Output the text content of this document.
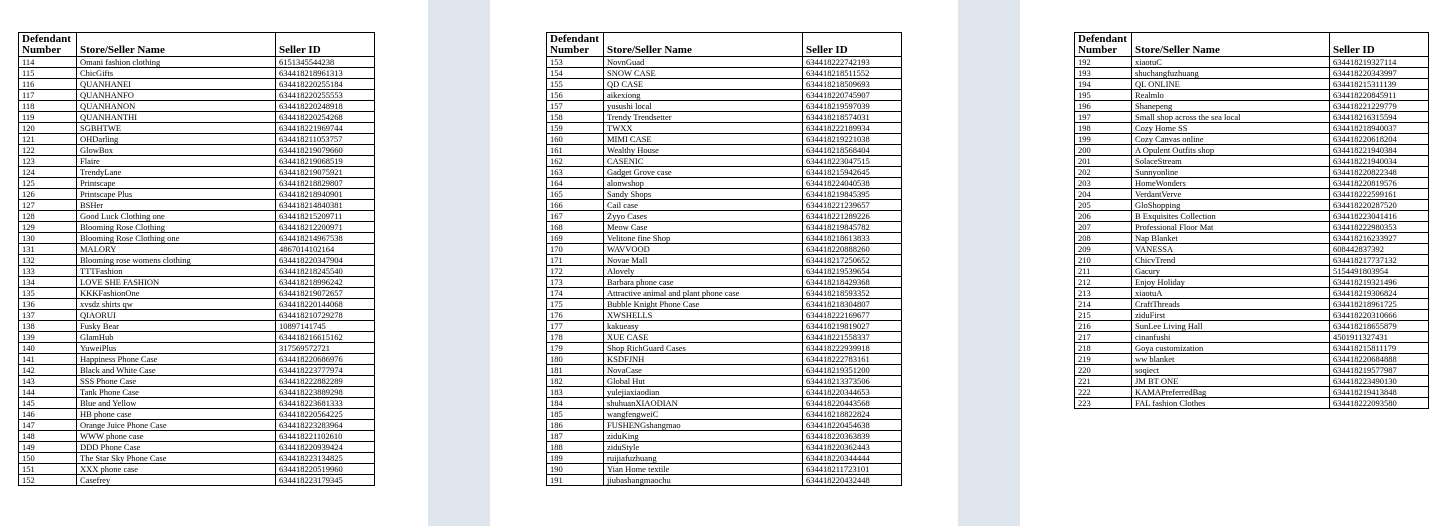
Defendant Number	Store/Seller Name	Seller ID
114	Omani fashion clothing	6151345544238
115	ChicGifts	634418218961313
116	QUANHANEI	634418220255184
117	QUANHANFO	634418220255553
118	QUANHANON	634418220248918
119	QUANHANTHI	634418220254268
120	SGBHTWE	634418221969744
121	OHDarling	634418211053757
122	GlowBox	634418219079660
123	Flaire	634418219068519
124	TrendyLane	634418219075921
125	Printscape	634418218829807
126	Printscape Plus	634418218940901
127	BSHer	634418214840381
128	Good Luck Clothing one	634418215209711
129	Blooming Rose Clothing	634418212200971
130	Blooming Rose Clothing one	634418214967538
131	MALORY	4867014102164
132	Blooming rose womens clothing	634418220347904
133	TTTFashion	634418218245540
134	LOVE SHE FASHION	634418218996242
135	KKKFashionOne	634418219072657
136	xvsdz shirts qw	634418220144068
137	QIAORUI	634418210729278
138	Fusky Bear	10897141745
139	GlamHub	634418216615162
140	YuweiPlus	317569572721
141	Happiness Phone Case	634418220686976
142	Black and White Case	634418223777974
143	SSS Phone Case	634418222882289
144	Tank Phone Case	634418223889298
145	Blue and Yellow	634418223681333
146	HB phone case	634418220564225
147	Orange Juice Phone Case	634418223283964
148	WWW phone case	634418221102610
149	DDD Phone Case	634418220939424
150	The Star Sky Phone Case	634418223134825
151	XXX phone case	634418220519960
152	Casefrey	634418223179345
Defendant Number	Store/Seller Name	Seller ID
153	NovnGuad	634418222742193
154	SNOW CASE	634418218511552
155	QD CASE	634418218509693
156	aikexiong	634418220745907
157	yusushi local	634418219597039
158	Trendy Trendsetter	634418218574031
159	TWXX	634418222189934
160	MIMI CASE	634418219221038
161	Wealthy House	634418218568404
162	CASENIC	634418223047515
163	Gadget Grove case	634418215942645
164	alonwshop	634418224040538
165	Sandy Shops	634418219845395
166	Cail case	634418221239657
167	Zyyo Cases	634418221289226
168	Meow Case	634418219845782
169	Velitone fine Shop	634418218613833
170	WAVVOOD	634418220888260
171	Novae Mall	634418217250652
172	Alovely	634418219539654
173	Barbara phone case	634418218429368
174	Attractive animal and plant phone case	634418218593352
175	Bubble Knight Phone Case	634418218304807
176	XWSHELLS	634418222169677
177	kakueasy	634418219819027
178	XUE CASE	634418221558337
179	Shop RichGuard Cases	634418222939918
180	KSDFJNH	634418222783161
181	NovaCase	634418219351200
182	Global Hut	634418213373506
183	yulejiaxiaodian	634418220344653
184	shuhuanXIAODIAN	634418220443568
185	wangfengweiC	634418218822824
186	FUSHENGshangmao	634418220454638
187	ziduKing	634418220363839
188	ziduStyle	634418220362443
189	ruijiafuzhuang	634418220344444
190	Yian Home textile	634418211723101
191	jiubashangmaochu	634418220432448
Defendant Number	Store/Seller Name	Seller ID
192	xiaotuC	634418219327114
193	shuchangfuzhuang	634418220343997
194	QL ONLINE	634418215311139
195	Realmlo	634418220845911
196	Shanepeng	634418221229779
197	Small shop across the sea local	634418216315594
198	Cozy Home SS	634418218940037
199	Cozy Canvas online	634418220618204
200	A Opulent Outfits shop	634418221940384
201	SolaceStream	634418221940034
202	Sunnyonline	634418220822348
203	HomeWonders	634418220819576
204	VerdantVerve	634418222599161
205	GloShopping	634418220287520
206	B Exquisites Collection	634418223041416
207	Professional Floor Mat	634418222980353
208	Nap Blanket	634418216233927
209	VANESSA	608442837392
210	ChicvTrend	634418217737132
211	Gacury	5154491803954
212	Enjoy Holiday	634418219321496
213	xiaotuA	634418219306824
214	CraftThreads	634418218961725
215	ziduFirst	634418220310666
216	SunLee Living Hall	634418218655879
217	cinanfushi	4501911327431
218	Goya customization	634418215811179
219	ww blanket	634418220684888
220	soqiect	634418219577987
221	JM BT ONE	634418223490130
222	KAMAPreferredBag	634418219413848
223	FAL fashion Clothes	634418222093580
